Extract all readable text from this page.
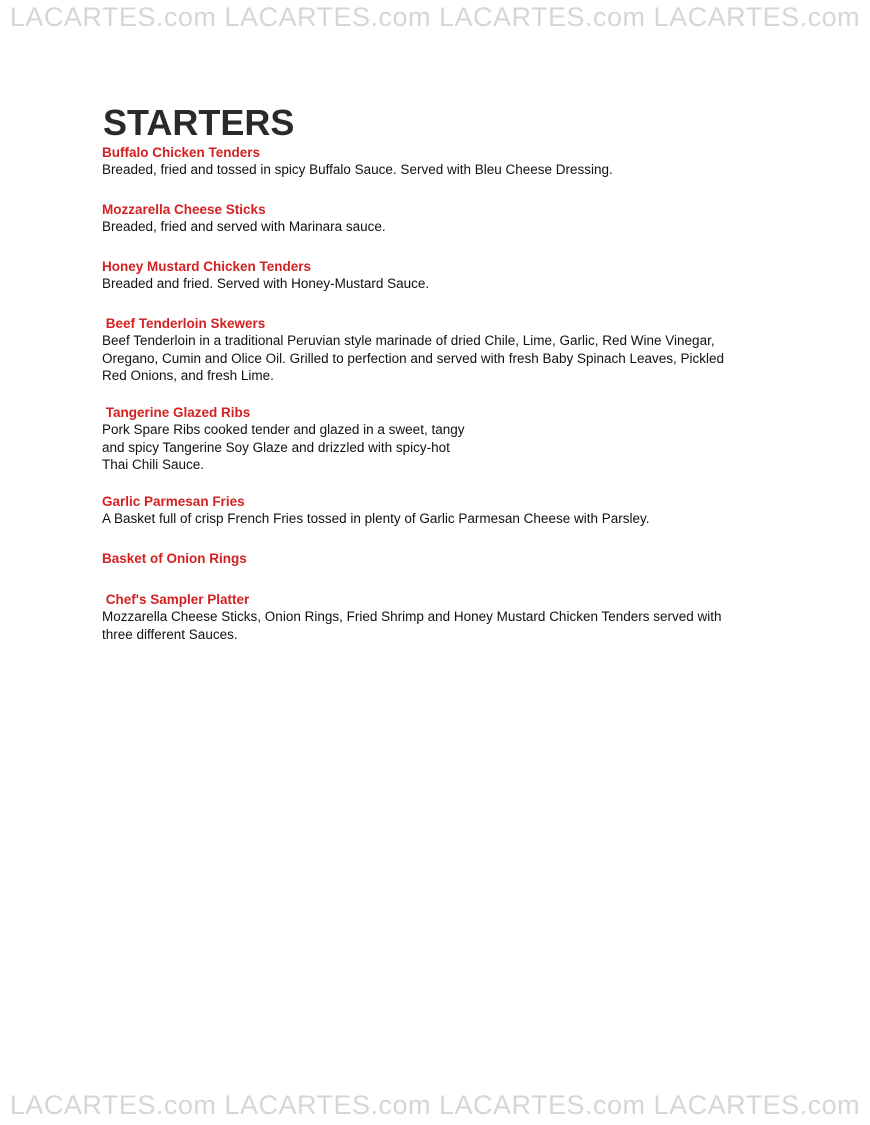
LACARTES.com LACARTES.com LACARTES.com LACARTES.com
STARTERS
Buffalo Chicken Tenders
Breaded, fried and tossed in spicy Buffalo Sauce. Served with Bleu Cheese Dressing.
Mozzarella Cheese Sticks
Breaded, fried and served with Marinara sauce.
Honey Mustard Chicken Tenders
Breaded and fried. Served with Honey-Mustard Sauce.
Beef Tenderloin Skewers
Beef Tenderloin in a traditional Peruvian style marinade of dried Chile, Lime, Garlic, Red Wine Vinegar,
Oregano, Cumin and Olice Oil. Grilled to perfection and served with fresh Baby Spinach Leaves, Pickled
Red Onions, and fresh Lime.
Tangerine Glazed Ribs
Pork Spare Ribs cooked tender and glazed in a sweet, tangy
and spicy Tangerine Soy Glaze and drizzled with spicy-hot
Thai Chili Sauce.
Garlic Parmesan Fries
A Basket full of crisp French Fries tossed in plenty of Garlic Parmesan Cheese with Parsley.
Basket of Onion Rings
Chef's Sampler Platter
Mozzarella Cheese Sticks, Onion Rings, Fried Shrimp and Honey Mustard Chicken Tenders served with
three different Sauces.
LACARTES.com LACARTES.com LACARTES.com LACARTES.com
